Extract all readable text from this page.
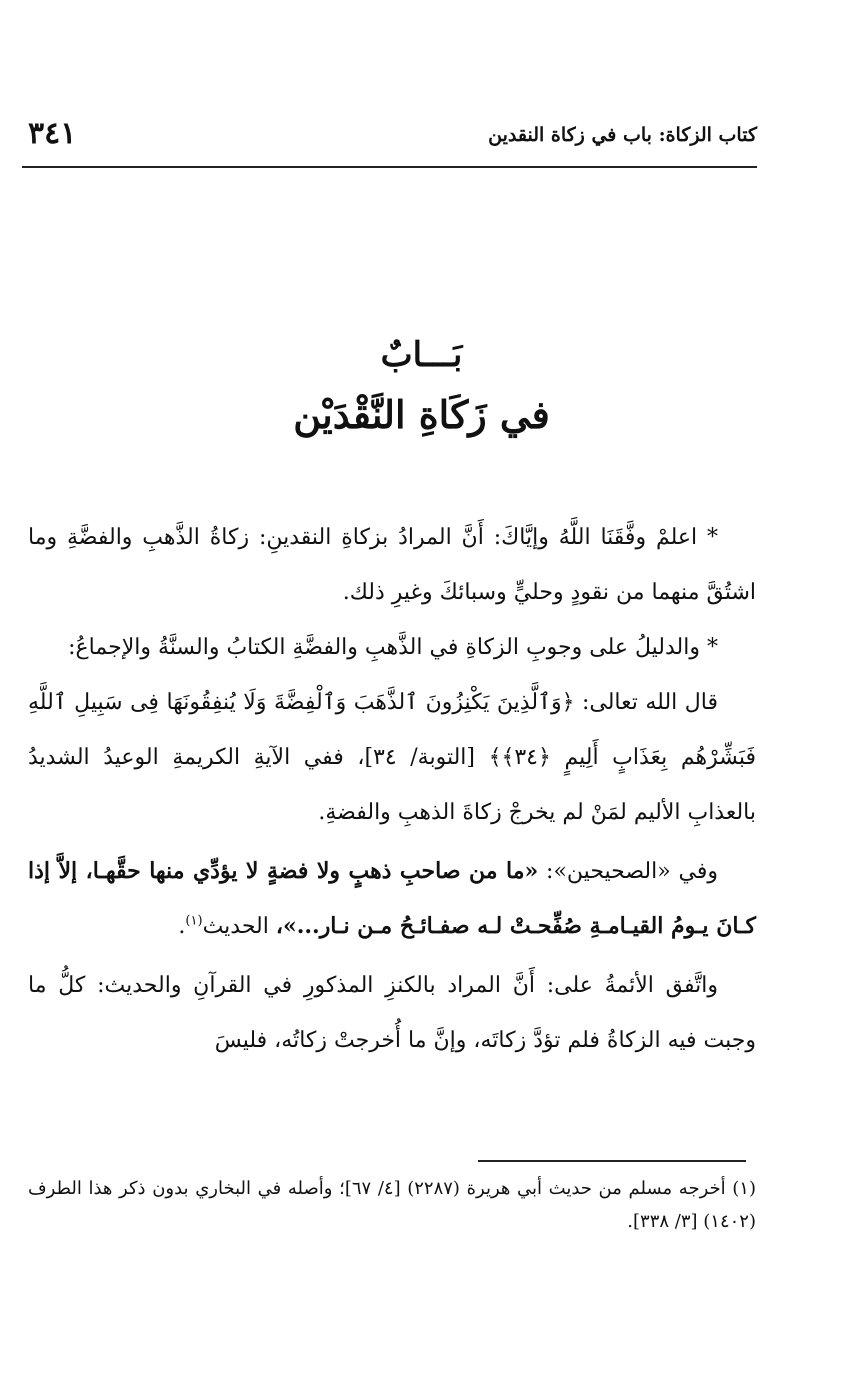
٣٤١	كتاب الزكاة: باب في زكاة النقدين
بَـــابٌ
في زَكَاةِ النَّقْدَيْن

* اعلمْ وفَّقَنَا اللَّهُ وإيَّاكَ: أَنَّ المرادُ بزكاةِ النقدينِ: زكاةُ الذَّهبِ والفضَّةِ وما اشتُقَّ منهما من نقودٍ وحليٍّ وسبائكَ وغيرِ ذلك.

* والدليلُ على وجوبِ الزكاةِ في الذَّهبِ والفضَّةِ الكتابُ والسنَّةُ والإجماعُ:

قال الله تعالى: ﴿وَٱلَّذِينَ يَكْنِزُونَ ٱلذَّهَبَ وَٱلْفِضَّةَ وَلَا يُنفِقُونَهَا فِى سَبِيلِ ٱللَّهِ فَبَشِّرْهُم بِعَذَابٍ أَلِيمٍ ﴿٣٤﴾﴾ [التوبة/ ٣٤]، ففي الآيةِ الكريمةِ الوعيدُ الشديدُ بالعذابِ الأليم لمَنْ لم يخرجْ زكاةَ الذهبِ والفضةِ.

وفي «الصحيحين»: «ما من صاحبِ ذهبٍ ولا فضةٍ لا يؤدِّي منها حقَّهـا، إلاَّ إذا كـانَ يـومُ القيـامـةِ صُفِّحـتْ لـه صفـائـحُ مـن نـار...»، الحديث$^{(١)}$.

واتَّفق الأئمةُ على: أَنَّ المراد بالكنزِ المذكورِ في القرآنِ والحديث: كلُّ ما وجبت فيه الزكاةُ فلم تؤدَّ زكاتَه، وإنَّ ما أُخرجتْ زكاتُه، فليسَ

(١) أخرجه مسلم من حديث أبي هريرة (٢٢٨٧) [٤/ ٦٧]؛ وأصله في البخاري بدون ذكر هذا الطرف (١٤٠٢) [٣/ ٣٣٨].
